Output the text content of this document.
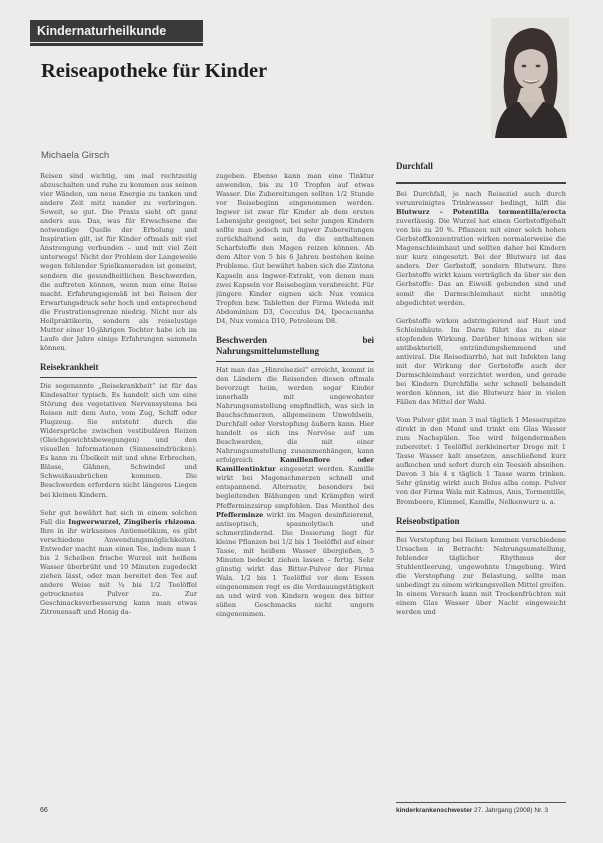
Kindernaturheilkunde
Reiseapotheke für Kinder
Michaela Girsch

Reisen sind wichtig, um mal rechtzeitig abzuschalten und ruhe zu kommen aus seinen vier Wänden, um neue Energie zu tanken und andere Zeit mitz nander zu verbringen. Soweit, so gut. Die Praxis sieht oft ganz anders aus. Das, was für Erwachsene die notwendige Quelle der Erholung und Inspiration gilt, ist für Kinder oftmals mit viel Anstrengung verbunden – und mit viel Zeit unterwegs! Nicht der Problem der Langeweile wegen fehlender Spielkameraden ist gemeint, sondern die gesundheitlichen Beschwerden, die auftreten können, wenn man eine Reise macht. Erfahrungsgemäß ist bei Reisen der Erwartungsdruck sehr hoch und entsprechend die Frustrationsgrenze niedrig. Nicht nur als Heilpraktikerin, sondern als reiselustige Mutter einer 10-jährigen Tochter habe ich im Laufe der Jahre einige Erfahrungen sammeln können.

Reisekrankheit

Die sogenannte „Reisekrankheit“ ist für das Kindesalter typisch. Es handelt sich um eine Störung des vegetativen Nervensystems bei Reisen mit dem Auto, vom Zug, Schiff oder Flugzeug. Sie entsteht durch die Widersprüche zwischen vestibulären Reizen (Gleichgewichtsbewegungen) und den visuellen Informationen (Sinneseindrücken). Es kann zu Übelkeit mit und ohne Erbrechen, Blässe, Gähnen, Schwindel und Schweißausbrüchen kommen. Die Beschwerden erfordern nicht längeres Liegen bei kleinen Kindern.

Sehr gut bewährt hat sich in einem solchen Fall die Ingwerwurzel, Zingiberis rhizoma. Ihre in ihr wirksames Antiemetikum, es gibt verschiedene Anwendungsmöglichkeiten. Entweder macht man einen Tee, indem man 1 bis 2 Scheiben frische Wurzel mit heißem Wasser überbrüht und 10 Minuten zugedeckt ziehen lässt, oder man bereitet den Tee auf andere Weise mit ¼ bis 1/2 Teelöffel getrocknetes Pulver zu. Zur Geschmacksverbesserung kann man etwas Zitronensaft und Honig da-

zugeben. Ebenso kann man eine Tinktur anwenden, bis zu 10 Tropfen auf etwas Wasser. Die Zubereitungen sollten 1/2 Stunde vor Reisebeginn eingenommen werden. Ingwer ist zwar für Kinder ab dem ersten Lebensjahr geeignet, bei sehr jungen Kindern sollte man jedoch mit Ingwer Zubereitungen zurückhaltend sein, da die enthaltenen Scharfstoffe den Magen reizen können. Ab dem Alter von 5 bis 6 Jahren bestehen keine Probleme. Gut bewährt haben sich die Zintona Kapseln aus Ingwer-Extrakt, von denen man zwei Kapseln vor Reisebeginn verabreicht. Für jüngere Kinder eignen sich Nux vomica Tropfen bzw. Tabletten der Firma Weleda mit Abdominium D3, Cocculus D4, Ipecacuanha D4, Nux vomica D10, Petroleum D8.

Beschwerden bei Nahrungsmittelumstellung

Hat man das „Hinreiseziel“ erreicht, kommt in den Ländern die Reisenden diesen oftmals bevorzugt heim, werden sogar Kinder innerhalb mit ungewohnter Nahrungsumstellung empfindlich, was sich in Bauchschmerzen, allgemeinem Unwohlsein, Durchfall oder Verstopfung äußern kann. Hier handelt es sich ins Nervöse auf um Beschwerden, die mit einer Nahrungsumstellung zusammenhängen, kann erfolgreich Kamillenflore oder Kamillentinktur eingesetzt werden. Kamille wirkt bei Magenschmerzen schnell und entspannend. Alternativ, besonders bei begleitenden Blähungen und Krämpfen wird Pfefferminzsirup empfohlen. Das Menthol des Pfefferminze wirkt im Magen desinfizierend, antiseptisch, spasmolytisch und schmerzlindernd. Die Dosierung liegt für kleine Pflanzen bei 1/2 bis 1 Teelöffel auf einer Tasse, mit heißem Wasser übergießen, 5 Minuten bedeckt ziehen lassen – fertig. Sehr günstig wirkt das Bitter-Pulver der Firma Wala. 1/2 bis 1 Teelöffel vor dem Essen eingenommen regt es die Verdauungstätigkeit an und wird von Kindern wegen des bitter süßen Geschmacks nicht ungern eingenommen.

Durchfall

Bei Durchfall, je nach Reiseziel auch durch verunreinigtes Trinkwasser bedingt, hilft die Blutwurz – Potentilla tormentilla/erecta zuverlässig. Die Wurzel hat einen Gerbstoffgehalt von bis zu 20 %. Pflanzen mit einer solch hohen Gerbstoffkonzentration wirken normalerweise die Magenschleimhaut und sollten daher bei Kindern nur kurz eingesetzt. Bei der Blutwurz ist das anders. Der Gerbstoff, sondern Blutwurz. Ihre Gerbstoffe wirkt kaum verträglich da über sie den Gerbstoffe: Das an Eiweiß gebunden sind und somit die Darmschleimhaut nicht unnötig abgedichtet werden.

Gerbstoffe wirken adstringierend auf Haut und Schleimhäute. Im Darm führt das zu einer stopfenden Wirkung. Darüber hinaus wirken sie antibakteriell, entzündungshemmend und antiviral. Die Reisediarrhö, hat mit Infekten lang mit der Wirkung der Gerbstoffe auch der Darmschleimhaut verzichtet werden, und gerade bei Kindern Durchfälle sehr schnell behandelt werden können, ist die Blutwurz hier in vielen Fällen das Mittel der Wahl.

Vom Pulver gibt man 3 mal täglich 1 Messerspitze direkt in den Mund und trinkt ein Glas Wasser zum Nachspülen. Tee wird folgendermaßen zubereitet: 1 Teelöffel zerkleinerter Droge mit 1 Tasse Wasser kalt ansetzen, anschließend kurz aufkochen und sofort durch ein Teesieb abseihen. Davon 3 bis 4 x täglich 1 Tasse warm trinken. Sehr günstig wirkt auch Bolus alba comp. Pulver von der Firma Wala mit Kalmus, Anis, Tormentille, Brombeere, Kümmel, Kamille, Nelkenwurz u. a.

Reiseobstipation

Bei Verstopfung bei Reisen kommen verschiedene Ursachen in Betracht: Nahrungsumstellung, fehlender täglicher Rhythmus der Stuhlentleerung, ungewohnte Umgebung. Wird die Verstopfung zur Belastung, sollte man unbedingt zu einem wirkungsvollen Mittel greifen. In einem Versuch kann mit Trockenfrüchten mit einem Glas Wasser über Nacht eingeweicht werden und

66	kinderkrankenschwester 27. Jahrgang (2008) Nr. 3
